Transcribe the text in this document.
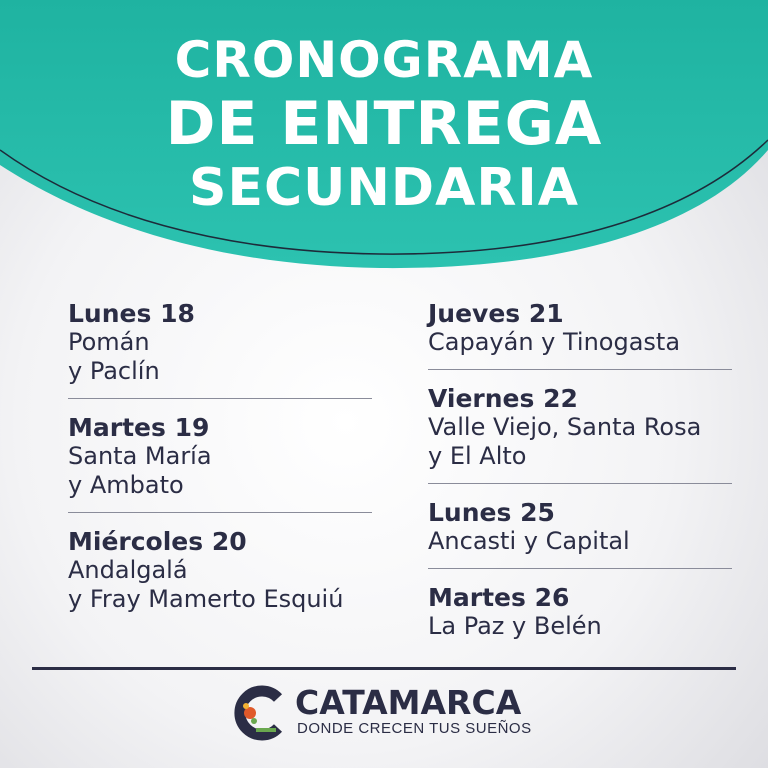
CRONOGRAMA
DE ENTREGA
SECUNDARIA
Lunes 18
Pomán
y Paclín
Martes 19
Santa María
y Ambato
Miércoles 20
Andalgalá
y Fray Mamerto Esquiú
Jueves 21
Capayán y Tinogasta
Viernes 22
Valle Viejo, Santa Rosa
y El Alto
Lunes 25
Ancasti y Capital
Martes 26
La Paz y Belén
CATAMARCA
DONDE CRECEN TUS SUEÑOS
